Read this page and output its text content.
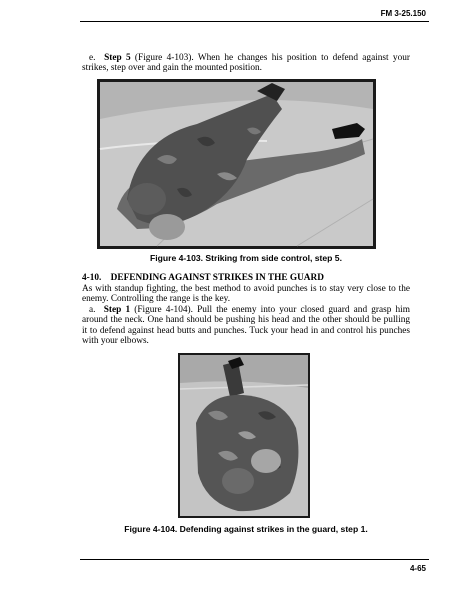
FM 3-25.150

e. Step 5 (Figure 4-103). When he changes his position to defend against your strikes, step over and gain the mounted position.

Figure 4-103. Striking from side control, step 5.
4-10. DEFENDING AGAINST STRIKES IN THE GUARD

As with standup fighting, the best method to avoid punches is to stay very close to the enemy. Controlling the range is the key.

a. Step 1 (Figure 4-104). Pull the enemy into your closed guard and grasp him around the neck. One hand should be pushing his head and the other should be pulling it to defend against head butts and punches. Tuck your head in and control his punches with your elbows.

Figure 4-104. Defending against strikes in the guard, step 1.
4-65
